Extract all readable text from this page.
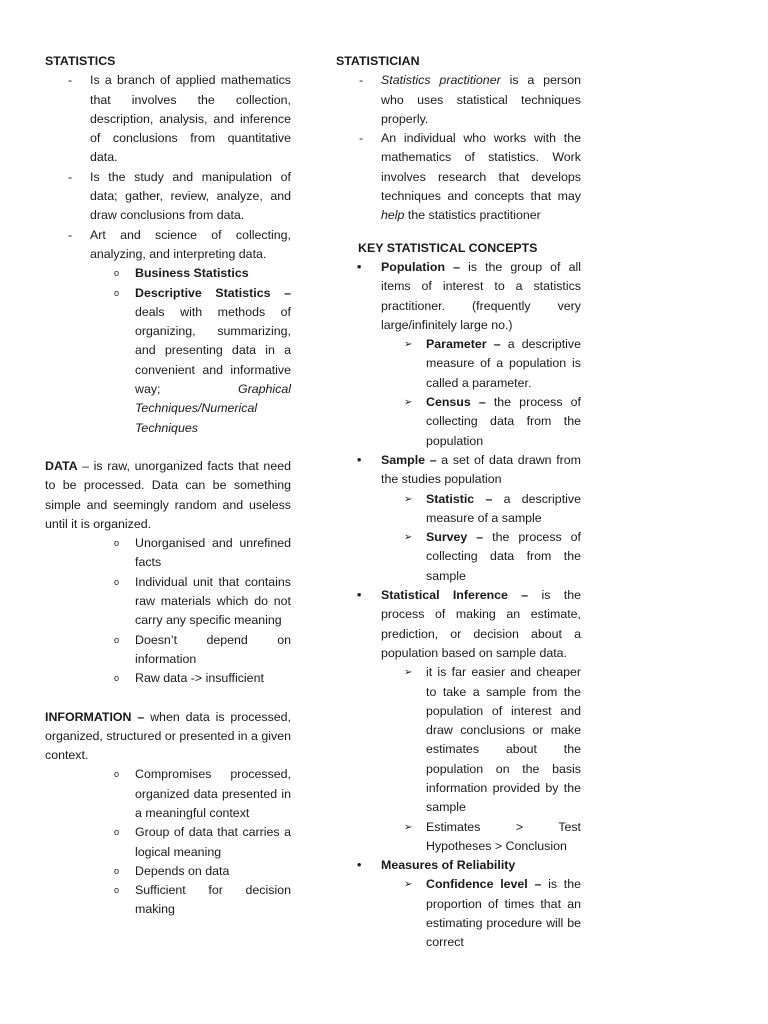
STATISTICS

- Is a branch of applied mathematics that involves the collection, description, analysis, and inference of conclusions from quantitative data.
- Is the study and manipulation of data; gather, review, analyze, and draw conclusions from data.
- Art and science of collecting, analyzing, and interpreting data.
o Business Statistics
o Descriptive Statistics – deals with methods of organizing, summarizing, and presenting data in a convenient and informative way; Graphical Techniques/Numerical Techniques
DATA – is raw, unorganized facts that need to be processed. Data can be something simple and seemingly random and useless until it is organized.
o Unorganised and unrefined facts
o Individual unit that contains raw materials which do not carry any specific meaning
o Doesn’t depend on information
o Raw data -> insufficient
INFORMATION – when data is processed, organized, structured or presented in a given context.
o Compromises processed, organized data presented in a meaningful context
o Group of data that carries a logical meaning
o Depends on data
o Sufficient for decision making

STATISTICIAN

- Statistics practitioner is a person who uses statistical techniques properly.
- An individual who works with the mathematics of statistics. Work involves research that develops techniques and concepts that may help the statistics practitioner

KEY STATISTICAL CONCEPTS

• Population – is the group of all items of interest to a statistics practitioner. (frequently very large/infinitely large no.)
➢ Parameter – a descriptive measure of a population is called a parameter.
➢ Census – the process of collecting data from the population
• Sample – a set of data drawn from the studies population
➢ Statistic – a descriptive measure of a sample
➢ Survey – the process of collecting data from the sample
• Statistical Inference – is the process of making an estimate, prediction, or decision about a population based on sample data.
➢ it is far easier and cheaper to take a sample from the population of interest and draw conclusions or make estimates about the population on the basis information provided by the sample
➢ Estimates > Test Hypotheses > Conclusion
• Measures of Reliability
➢ Confidence level – is the proportion of times that an estimating procedure will be correct
